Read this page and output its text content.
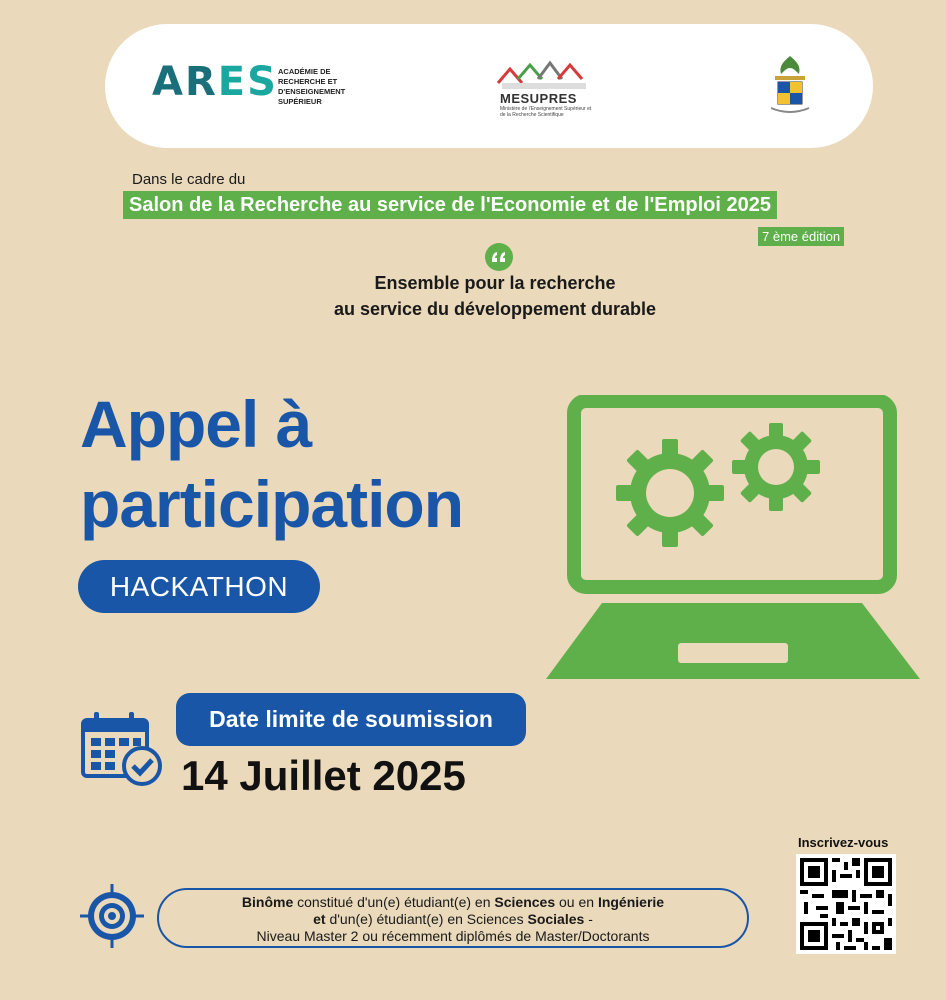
ARES ACADÉMIE DE RECHERCHE ET D'ENSEIGNEMENT SUPÉRIEUR	MESUPRES
Ministère de l'Enseignement Supérieur et de la Recherche Scientifique
Dans le cadre du
Salon de la Recherche au service de l'Economie et de l'Emploi 2025
7 ème édition
Ensemble pour la recherche
au service du développement durable
Appel à
participation
HACKATHON
Date limite de soumission
14 Juillet 2025
Inscrivez-vous
Binôme constitué d'un(e) étudiant(e) en Sciences ou en Ingénierie
et d'un(e) étudiant(e) en Sciences Sociales -
Niveau Master 2 ou récemment diplômés de Master/Doctorants
